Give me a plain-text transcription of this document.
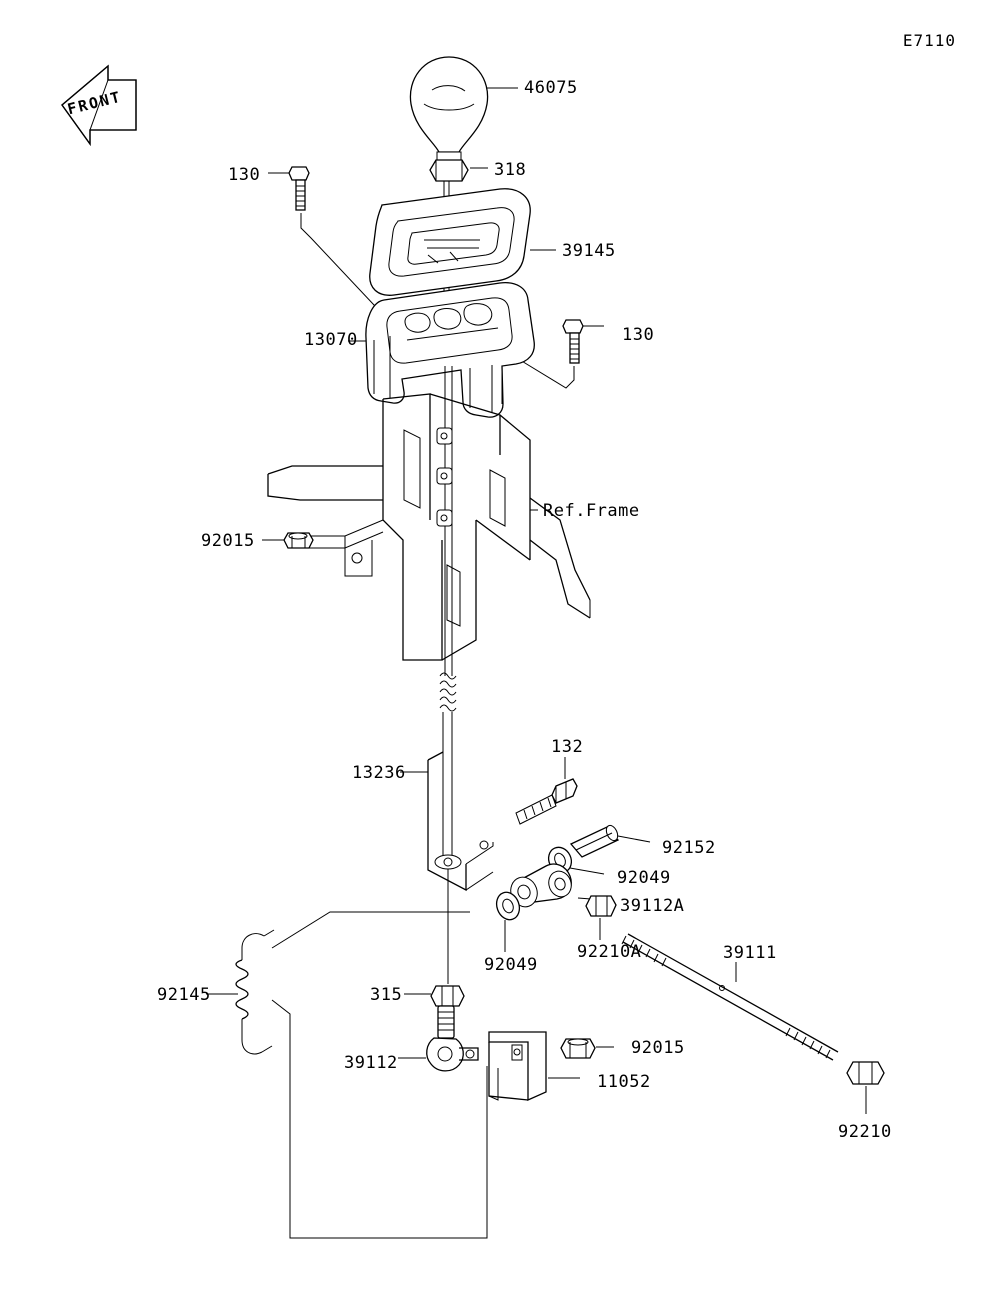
E7110
FRONT	46075
318
130
39145
13070	130
Ref.Frame
92015
13236
132
92152
92049
39112A
92049
92210A	39111
92145	315
39112
92015
11052
92210
